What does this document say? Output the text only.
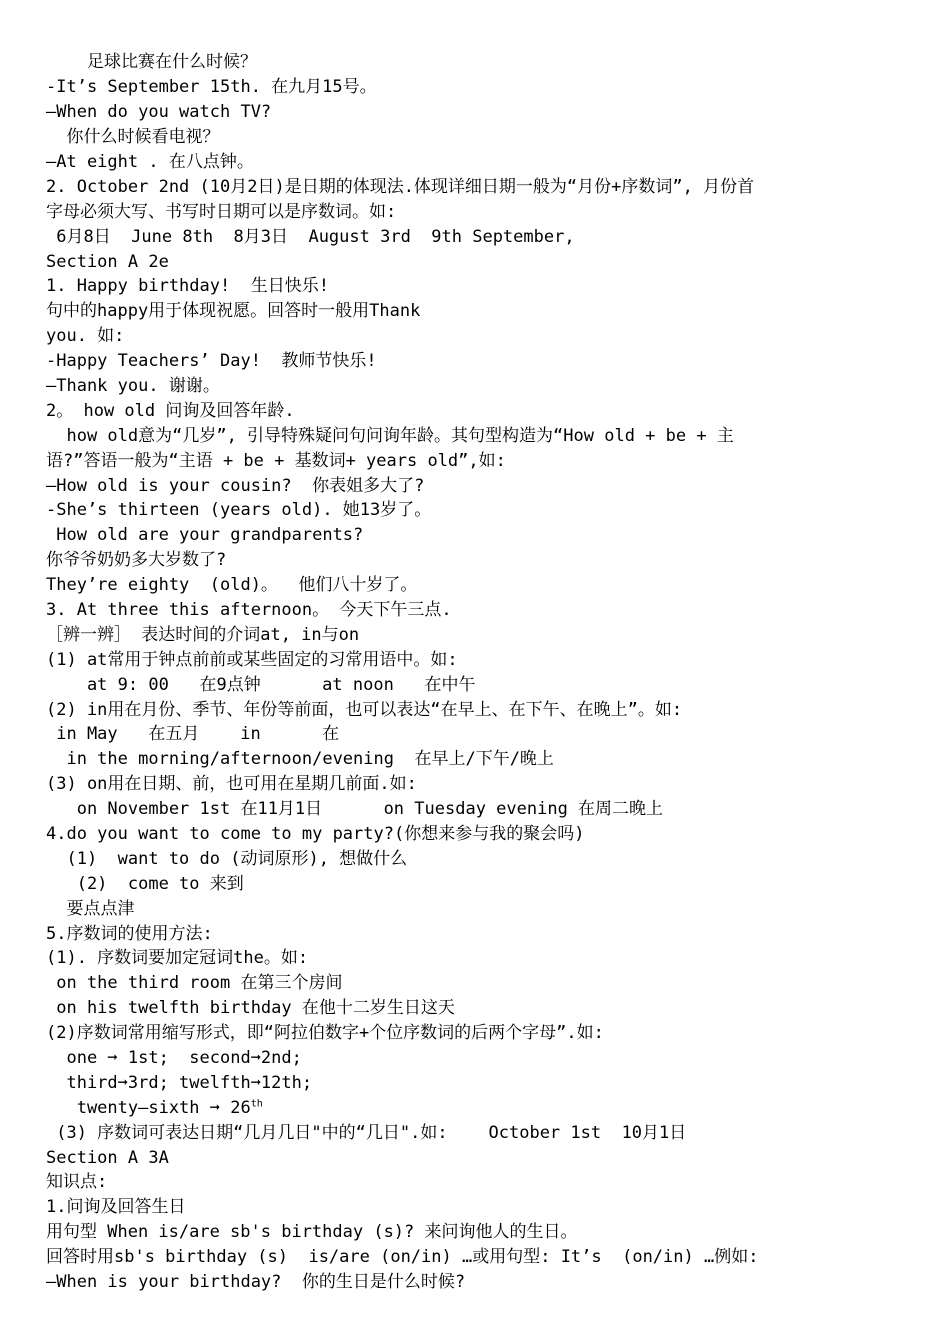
足球比赛在什么时候？
-It’s September 15th. 在九月15号。
—When do you watch TV?
你什么时候看电视？
—At eight . 在八点钟。
2. October 2nd (10月2日)是日期的体现法.体现详细日期一般为“月份+序数词”, 月份首
字母必须大写、书写时日期可以是序数词。如:
6月8日  June 8th  8月3日  August 3rd  9th September,
Section A 2e
1. Happy birthday!  生日快乐!
句中的happy用于体现祝愿。回答时一般用Thank
you. 如:
-Happy Teachers’ Day!  教师节快乐!
—Thank you. 谢谢。
2。 how old 问询及回答年龄.
how old意为“几岁”, 引导特殊疑问句问询年龄。其句型构造为“How old + be + 主
语?”答语一般为“主语 + be + 基数词+ years old”,如:
—How old is your cousin?  你表姐多大了?
-She’s thirteen (years old). 她13岁了。
How old are your grandparents?
你爷爷奶奶多大岁数了?
They’re eighty  (old)。  他们八十岁了。
3. At three this afternoon。 今天下午三点.
［辨一辨］ 表达时间的介词at, in与on
(1) at常用于钟点前前或某些固定的习常用语中。如:
at 9: 00   在9点钟      at noon   在中午
(2) in用在月份、季节、年份等前面，也可以表达“在早上、在下午、在晚上”。如:
in May   在五月    in      在
in the morning/afternoon/evening  在早上/下午/晚上
(3) on用在日期、前，也可用在星期几前面.如:
on November 1st 在11月1日      on Tuesday evening 在周二晚上
4.do you want to come to my party?(你想来参与我的聚会吗)
(1)  want to do (动词原形), 想做什么
(2)  come to 来到
要点点津
5.序数词的使用方法:
(1). 序数词要加定冠词the。如:
on the third room 在第三个房间
on his twelfth birthday 在他十二岁生日这天
(2)序数词常用缩写形式，即“阿拉伯数字+个位序数词的后两个字母”.如:
one ➞ 1st;  second➞2nd;
third➞3rd; twelfth➞12th;
twenty—sixth ➞ 26th
(3) 序数词可表达日期“几月几日"中的“几日".如:    October 1st  10月1日
Section A 3A
知识点:
1.问询及回答生日
用句型 When is/are sb's birthday (s)? 来问询他人的生日。
回答时用sb's birthday (s)  is/are (on/in) …或用句型: It’s  (on/in) …例如:
—When is your birthday?  你的生日是什么时候?
